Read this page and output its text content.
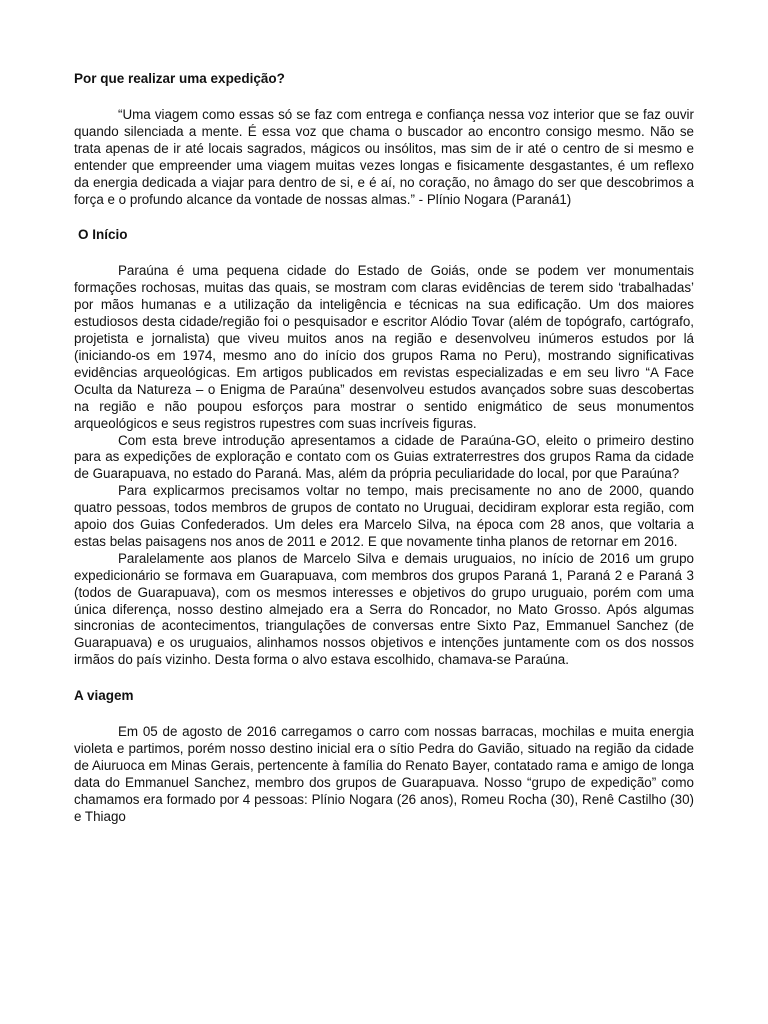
Por que realizar uma expedição?

“Uma viagem como essas só se faz com entrega e confiança nessa voz interior que se faz ouvir quando silenciada a mente. É essa voz que chama o buscador ao encontro consigo mesmo. Não se trata apenas de ir até locais sagrados, mágicos ou insólitos, mas sim de ir até o centro de si mesmo e entender que empreender uma viagem muitas vezes longas e fisicamente desgastantes, é um reflexo da energia dedicada a viajar para dentro de si, e é aí, no coração, no âmago do ser que descobrimos a força e o profundo alcance da vontade de nossas almas.” - Plínio Nogara (Paraná1)

O Início

Paraúna é uma pequena cidade do Estado de Goiás, onde se podem ver monumentais formações rochosas, muitas das quais, se mostram com claras evidências de terem sido ‘trabalhadas’ por mãos humanas e a utilização da inteligência e técnicas na sua edificação. Um dos maiores estudiosos desta cidade/região foi o pesquisador e escritor Alódio Tovar (além de topógrafo, cartógrafo, projetista e jornalista) que viveu muitos anos na região e desenvolveu inúmeros estudos por lá (iniciando-os em 1974, mesmo ano do início dos grupos Rama no Peru), mostrando significativas evidências arqueológicas. Em artigos publicados em revistas especializadas e em seu livro “A Face Oculta da Natureza – o Enigma de Paraúna” desenvolveu estudos avançados sobre suas descobertas na região e não poupou esforços para mostrar o sentido enigmático de seus monumentos arqueológicos e seus registros rupestres com suas incríveis figuras.

Com esta breve introdução apresentamos a cidade de Paraúna-GO, eleito o primeiro destino para as expedições de exploração e contato com os Guias extraterrestres dos grupos Rama da cidade de Guarapuava, no estado do Paraná. Mas, além da própria peculiaridade do local, por que Paraúna?

Para explicarmos precisamos voltar no tempo, mais precisamente no ano de 2000, quando quatro pessoas, todos membros de grupos de contato no Uruguai, decidiram explorar esta região, com apoio dos Guias Confederados. Um deles era Marcelo Silva, na época com 28 anos, que voltaria a estas belas paisagens nos anos de 2011 e 2012. E que novamente tinha planos de retornar em 2016.

Paralelamente aos planos de Marcelo Silva e demais uruguaios, no início de 2016 um grupo expedicionário se formava em Guarapuava, com membros dos grupos Paraná 1, Paraná 2 e Paraná 3 (todos de Guarapuava), com os mesmos interesses e objetivos do grupo uruguaio, porém com uma única diferença, nosso destino almejado era a Serra do Roncador, no Mato Grosso. Após algumas sincronias de acontecimentos, triangulações de conversas entre Sixto Paz, Emmanuel Sanchez (de Guarapuava) e os uruguaios, alinhamos nossos objetivos e intenções juntamente com os dos nossos irmãos do país vizinho. Desta forma o alvo estava escolhido, chamava-se Paraúna.

A viagem

Em 05 de agosto de 2016 carregamos o carro com nossas barracas, mochilas e muita energia violeta e partimos, porém nosso destino inicial era o sítio Pedra do Gavião, situado na região da cidade de Aiuruoca em Minas Gerais, pertencente à família do Renato Bayer, contatado rama e amigo de longa data do Emmanuel Sanchez, membro dos grupos de Guarapuava. Nosso “grupo de expedição” como chamamos era formado por 4 pessoas: Plínio Nogara (26 anos), Romeu Rocha (30), Renê Castilho (30) e Thiago
